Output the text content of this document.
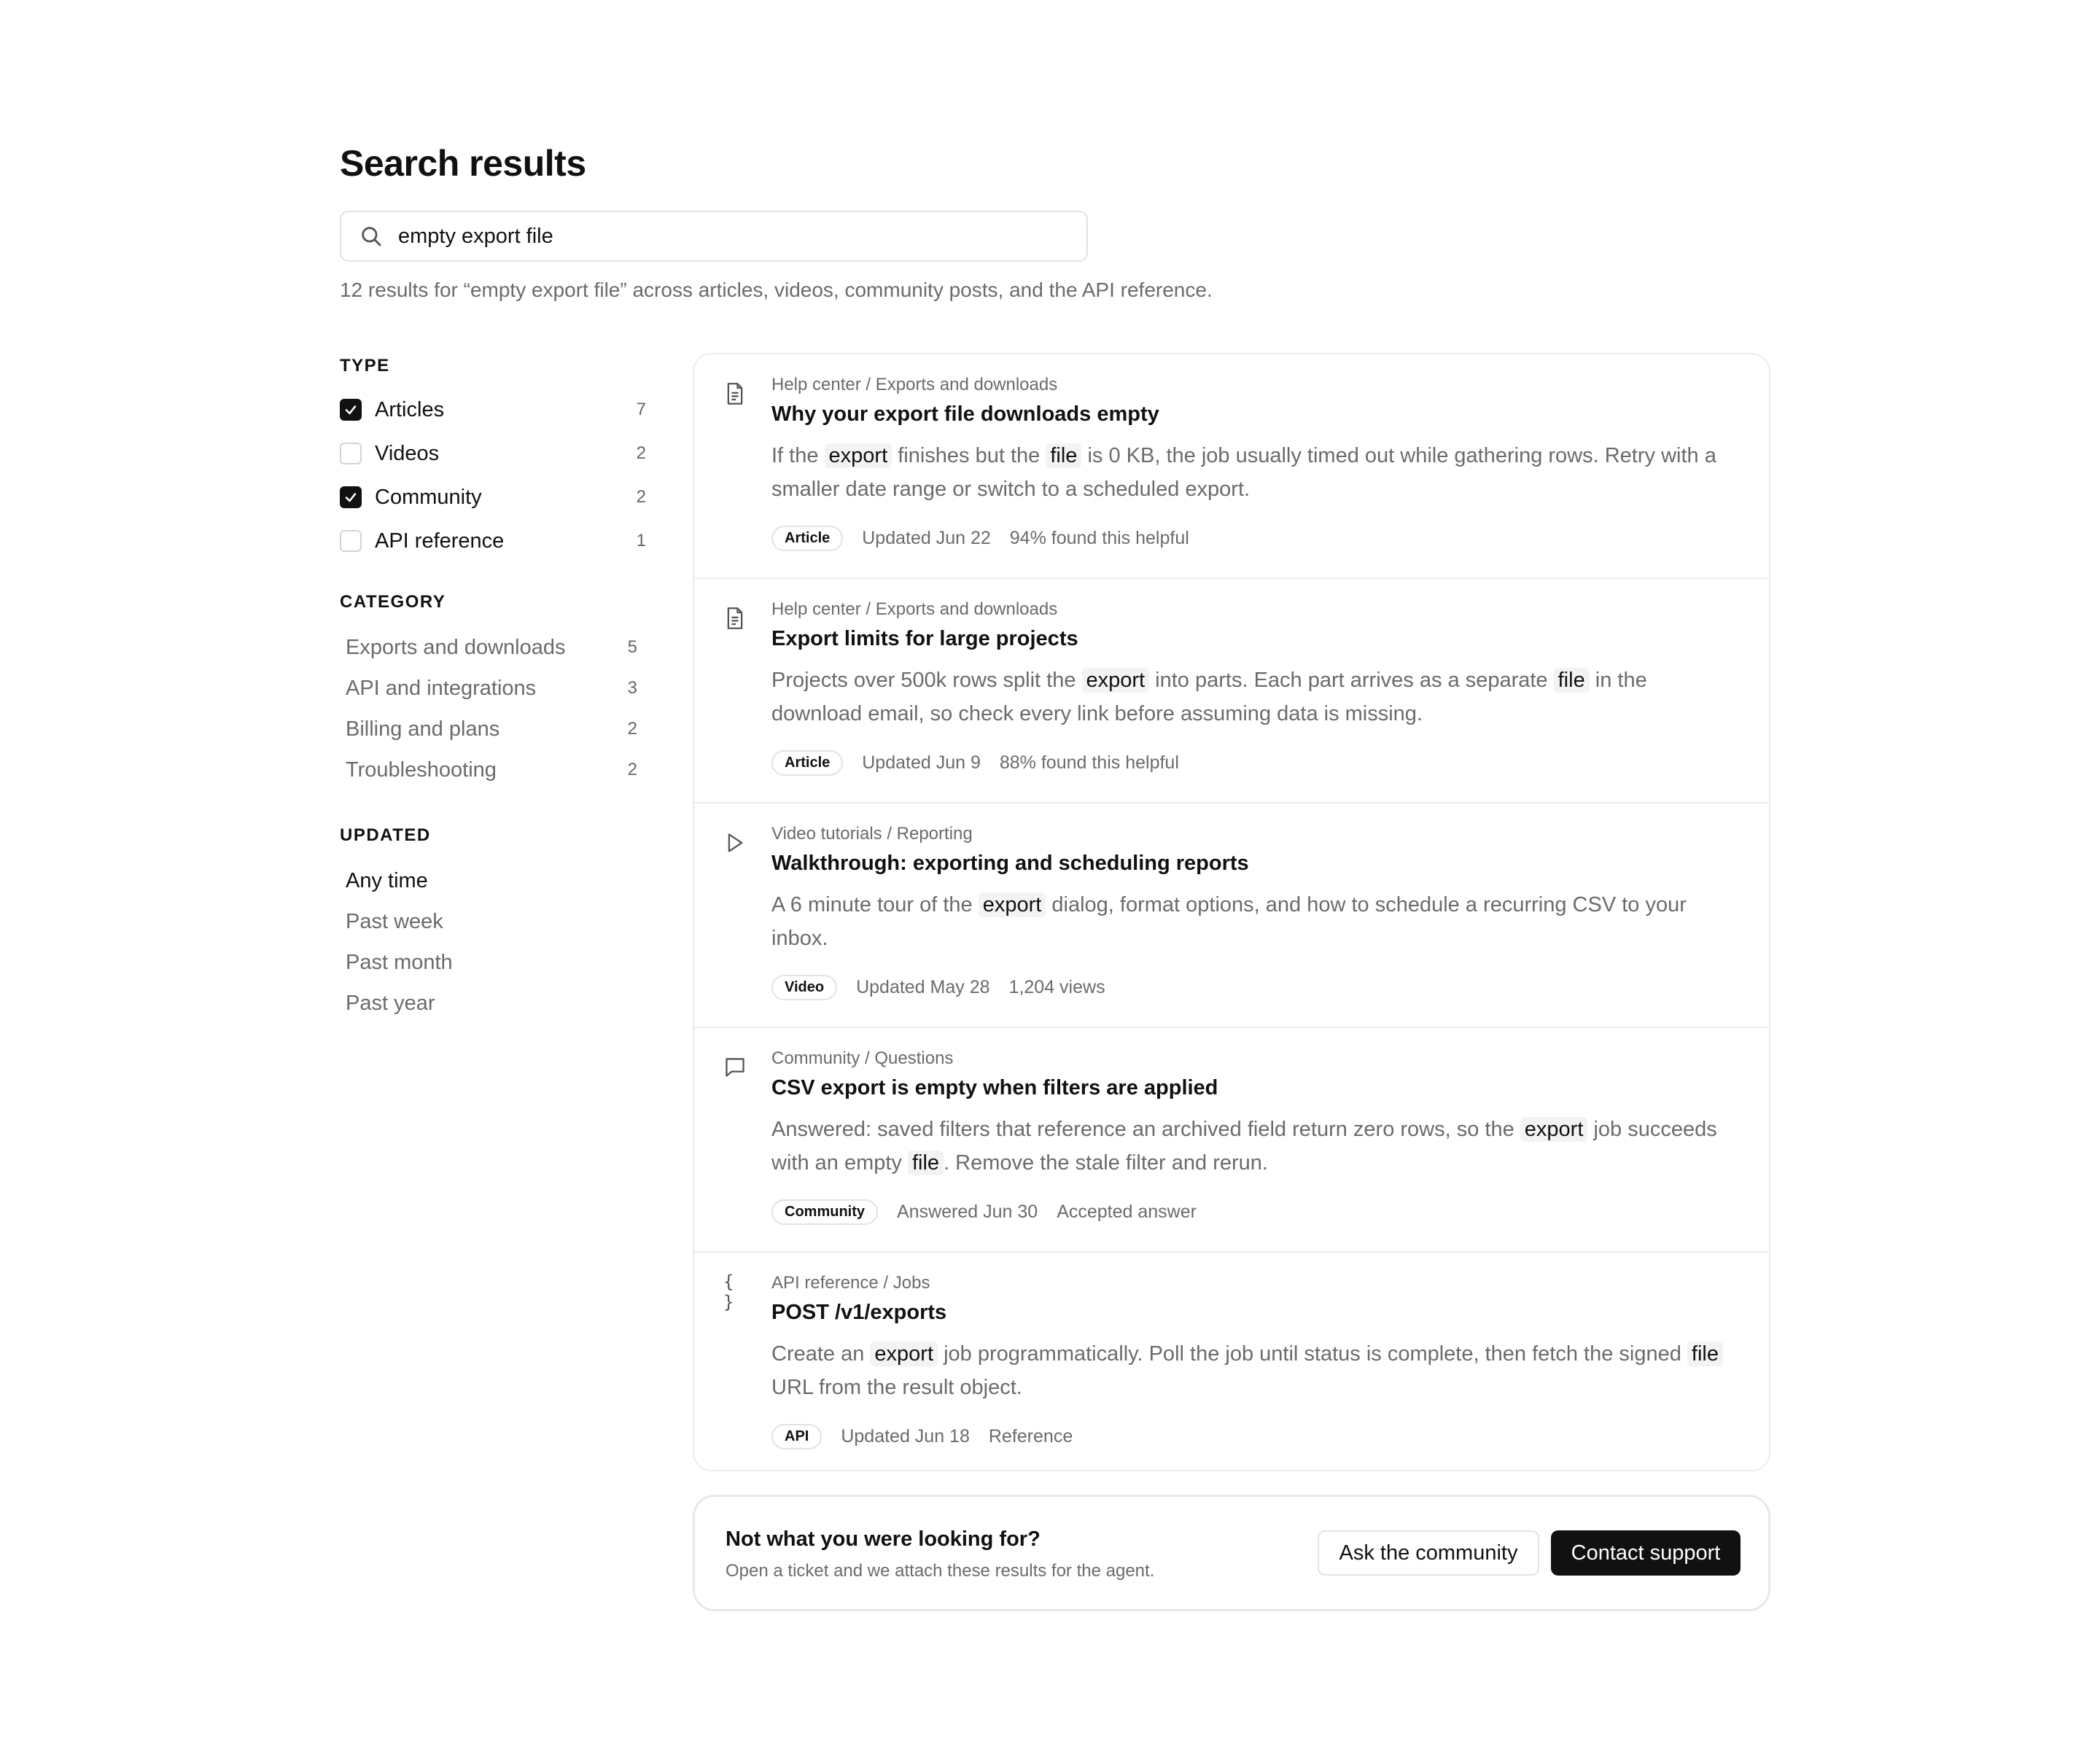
Search results
empty export file
12 results for “empty export file” across articles, videos, community posts, and the API reference.
TYPE
Articles	7
Videos	2
Community	2
API reference	1
CATEGORY
Exports and downloads	5
API and integrations	3
Billing and plans	2
Troubleshooting	2
UPDATED
Any time
Past week
Past month
Past year
Help center / Exports and downloads
Why your export file downloads empty
If the export finishes but the file is 0 KB, the job usually timed out while gathering rows. Retry with a smaller date range or switch to a scheduled export.
Article	Updated Jun 22 94% found this helpful
Help center / Exports and downloads
Export limits for large projects
Projects over 500k rows split the export into parts. Each part arrives as a separate file in the download email, so check every link before assuming data is missing.
Article	Updated Jun 9 88% found this helpful
Video tutorials / Reporting
Walkthrough: exporting and scheduling reports
A 6 minute tour of the export dialog, format options, and how to schedule a recurring CSV to your inbox.
Video	Updated May 28 1,204 views
Community / Questions
CSV export is empty when filters are applied
Answered: saved filters that reference an archived field return zero rows, so the export job succeeds with an empty file . Remove the stale filter and rerun.
Community	Answered Jun 30 Accepted answer
{ }
API reference / Jobs
POST /v1/exports
Create an export job programmatically. Poll the job until status is complete, then fetch the signed file URL from the result object.
API	Updated Jun 18 Reference
Not what you were looking for?
Open a ticket and we attach these results for the agent.
Ask the community	Contact support
